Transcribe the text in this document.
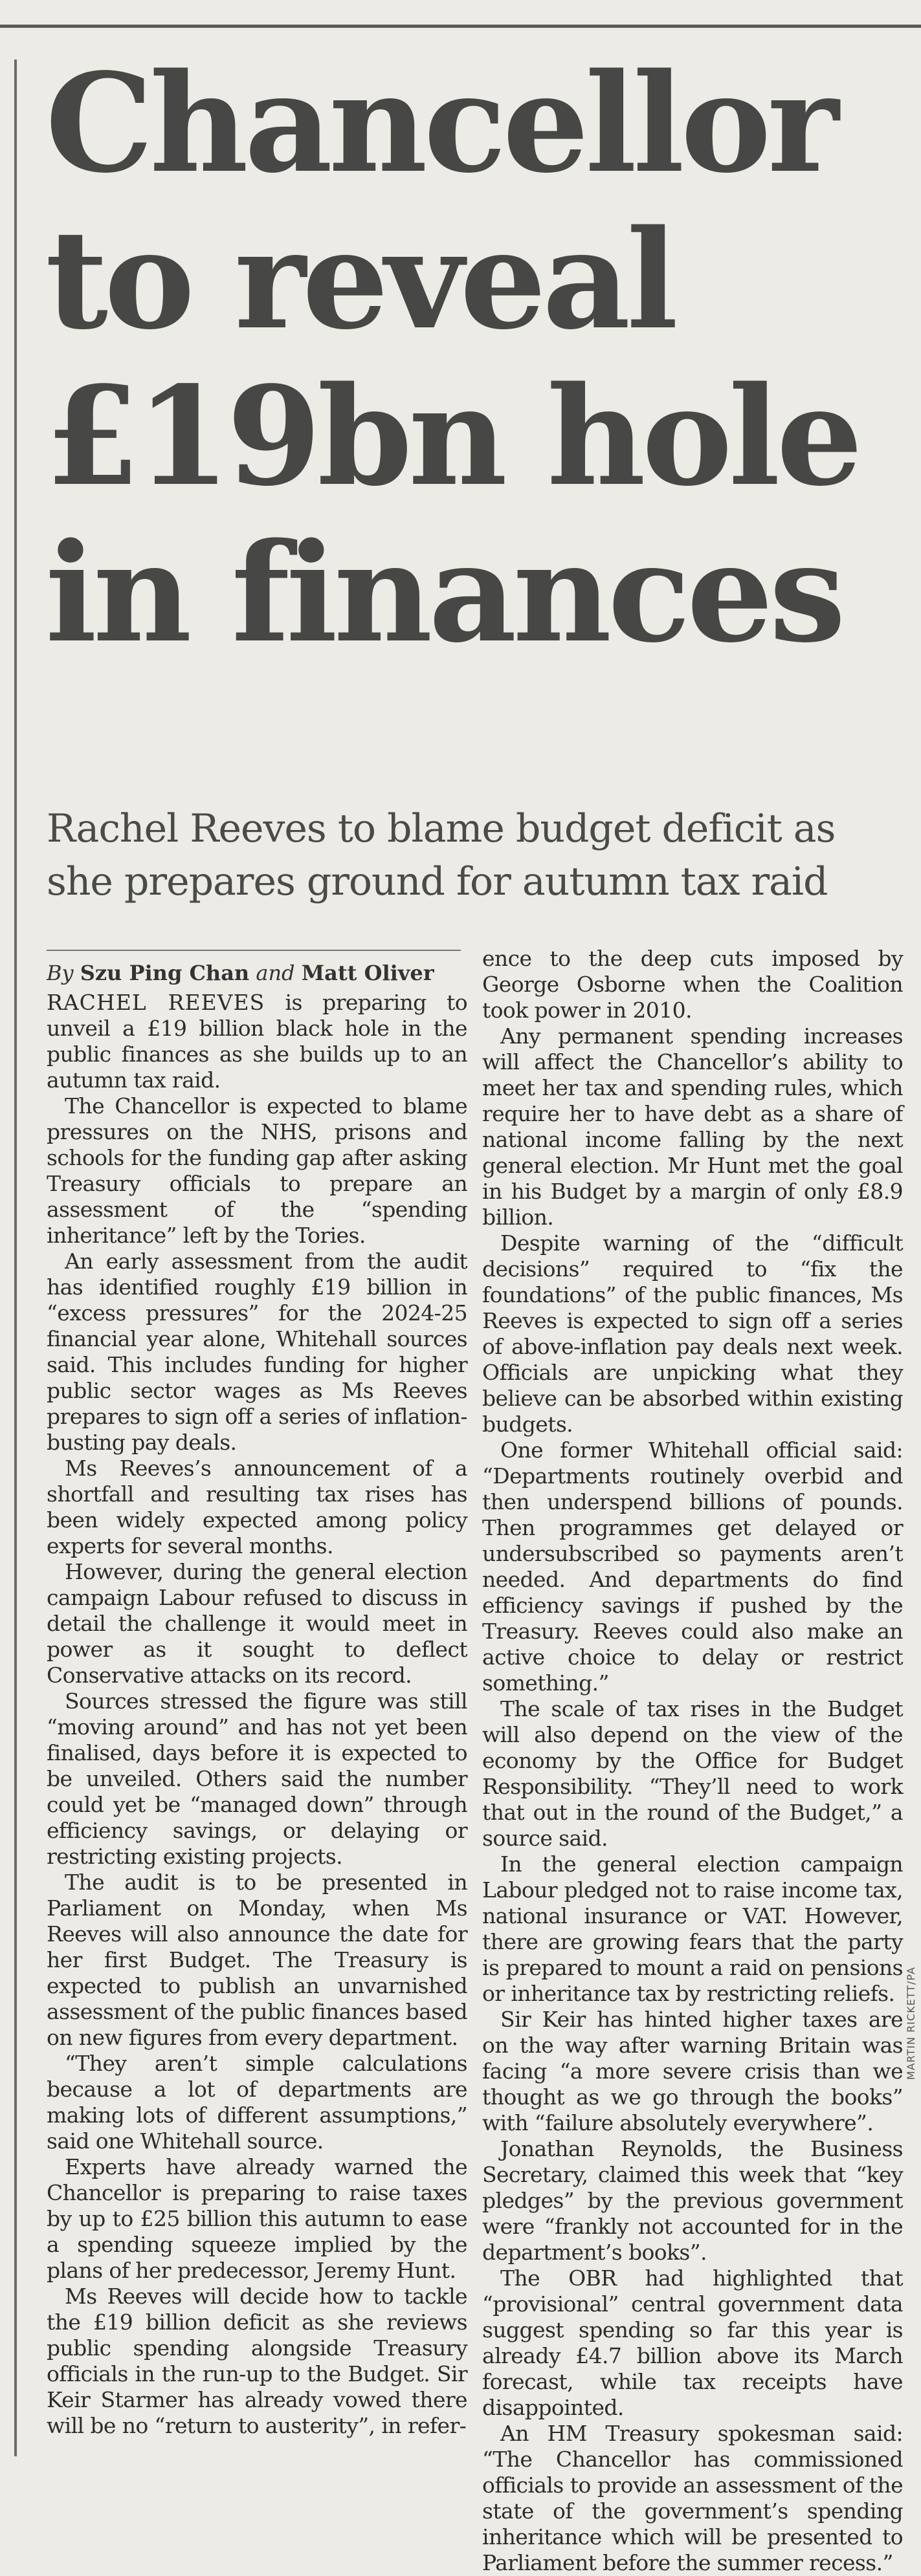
Chancellor to reveal £19bn hole in finances
Rachel Reeves to blame budget deficit as she prepares ground for autumn tax raid

By Szu Ping Chan and Matt Oliver

RACHEL REEVES is preparing to unveil a £19 billion black hole in the public finances as she builds up to an autumn tax raid.

The Chancellor is expected to blame pressures on the NHS, prisons and schools for the funding gap after asking Treasury officials to prepare an assessment of the “spending inheritance” left by the Tories.

An early assessment from the audit has identified roughly £19 billion in “excess pressures” for the 2024-25 financial year alone, Whitehall sources said. This includes funding for higher public sector wages as Ms Reeves prepares to sign off a series of inflation-busting pay deals.

Ms Reeves’s announcement of a shortfall and resulting tax rises has been widely expected among policy experts for several months.

However, during the general election campaign Labour refused to discuss in detail the challenge it would meet in power as it sought to deflect Conservative attacks on its record.

Sources stressed the figure was still “moving around” and has not yet been finalised, days before it is expected to be unveiled. Others said the number could yet be “managed down” through efficiency savings, or delaying or restricting existing projects.

The audit is to be presented in Parliament on Monday, when Ms Reeves will also announce the date for her first Budget. The Treasury is expected to publish an unvarnished assessment of the public finances based on new figures from every department.

“They aren’t simple calculations because a lot of departments are making lots of different assumptions,” said one Whitehall source.

Experts have already warned the Chancellor is preparing to raise taxes by up to £25 billion this autumn to ease a spending squeeze implied by the plans of her predecessor, Jeremy Hunt.

Ms Reeves will decide how to tackle the £19 billion deficit as she reviews public spending alongside Treasury officials in the run-up to the Budget. Sir Keir Starmer has already vowed there will be no “return to austerity”, in refer-

ence to the deep cuts imposed by George Osborne when the Coalition took power in 2010.

Any permanent spending increases will affect the Chancellor’s ability to meet her tax and spending rules, which require her to have debt as a share of national income falling by the next general election. Mr Hunt met the goal in his Budget by a margin of only £8.9 billion.

Despite warning of the “difficult decisions” required to “fix the foundations” of the public finances, Ms Reeves is expected to sign off a series of above-inflation pay deals next week. Officials are unpicking what they believe can be absorbed within existing budgets.

One former Whitehall official said: “Departments routinely overbid and then underspend billions of pounds. Then programmes get delayed or undersubscribed so payments aren’t needed. And departments do find efficiency savings if pushed by the Treasury. Reeves could also make an active choice to delay or restrict something.”

The scale of tax rises in the Budget will also depend on the view of the economy by the Office for Budget Responsibility. “They’ll need to work that out in the round of the Budget,” a source said.

In the general election campaign Labour pledged not to raise income tax, national insurance or VAT. However, there are growing fears that the party is prepared to mount a raid on pensions or inheritance tax by restricting reliefs.

Sir Keir has hinted higher taxes are on the way after warning Britain was facing “a more severe crisis than we thought as we go through the books” with “failure absolutely everywhere”.

Jonathan Reynolds, the Business Secretary, claimed this week that “key pledges” by the previous government were “frankly not accounted for in the department’s books”.

The OBR had highlighted that “provisional” central government data suggest spending so far this year is already £4.7 billion above its March forecast, while tax receipts have disappointed.

An HM Treasury spokesman said: “The Chancellor has commissioned officials to provide an assessment of the state of the government’s spending inheritance which will be presented to Parliament before the summer recess.”

MARTIN RICKETT/PA
